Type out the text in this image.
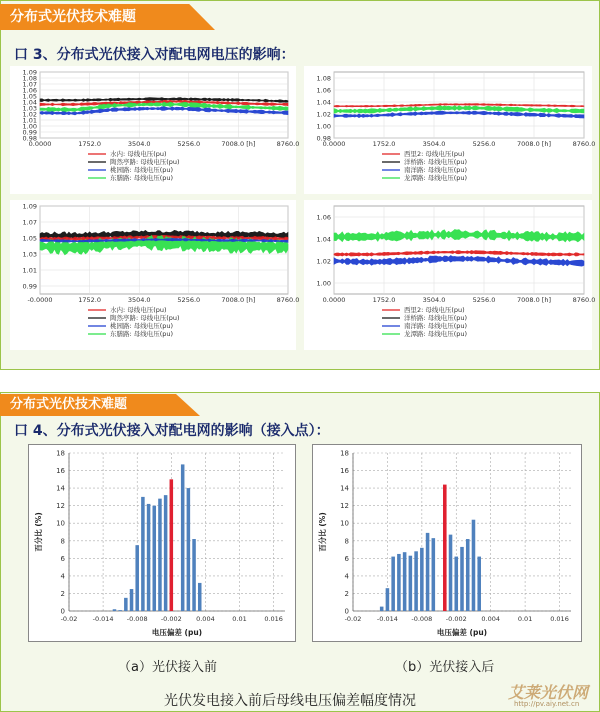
分布式光伏技术难题
口 3、分布式光伏接入对配电网电压的影响：
1.09
1.08
1.07
1.06
1.05
1.04
1.03
1.02
1.01
1.00
0.99
0.98
0.0000	1752.0	3504.0	5256.0	7008.0 [h]	8760.0
水内: 母线电压(pu)
陶然亭路: 母线电压(pu)
桃园路: 母线电压(pu)
东膳路: 母线电压(pu)
1.08
1.06
1.04
1.02
1.00
0.98
0.0000	1752.0	3504.0	5256.0	7008.0 [h]	8760.0
西里2: 母线电压(pu)
洋桥路: 母线电压(pu)
南洋路: 母线电压(pu)
龙潭路: 母线电压(pu)
1.09
1.07
1.05
1.03
1.01
0.99
-0.0000	1752.0	3504.0	5256.0	7008.0 [h]	8760.0
水内: 母线电压(pu)
陶然亭路: 母线电压(pu)
桃园路: 母线电压(pu)
东膳路: 母线电压(pu)
1.06
1.04
1.02
1.00
0.0000	1752.0	3504.0	5256.0	7008.0 [h]	8760.0
西里2: 母线电压(pu)
洋桥路: 母线电压(pu)
南洋路: 母线电压(pu)
龙潭路: 母线电压(pu)
分布式光伏技术难题
口 4、分布式光伏接入对配电网的影响（接入点）：
0
2
4
6
8
10
12
14
16
18
-0.02 -0.014 -0.008 -0.002 0.004	0.01	0.016
电压偏差 (pu)
百分比 (%)
0
2
4
6
8
10
12
14
16
18
-0.02 -0.014 -0.008 -0.002 0.004	0.01	0.016
电压偏差 (pu)
百分比 (%)
（a）光伏接入前	（b）光伏接入后
光伏发电接入前后母线电压偏差幅度情况	艾莱光伏网
http://pv.aiy.net.cn
